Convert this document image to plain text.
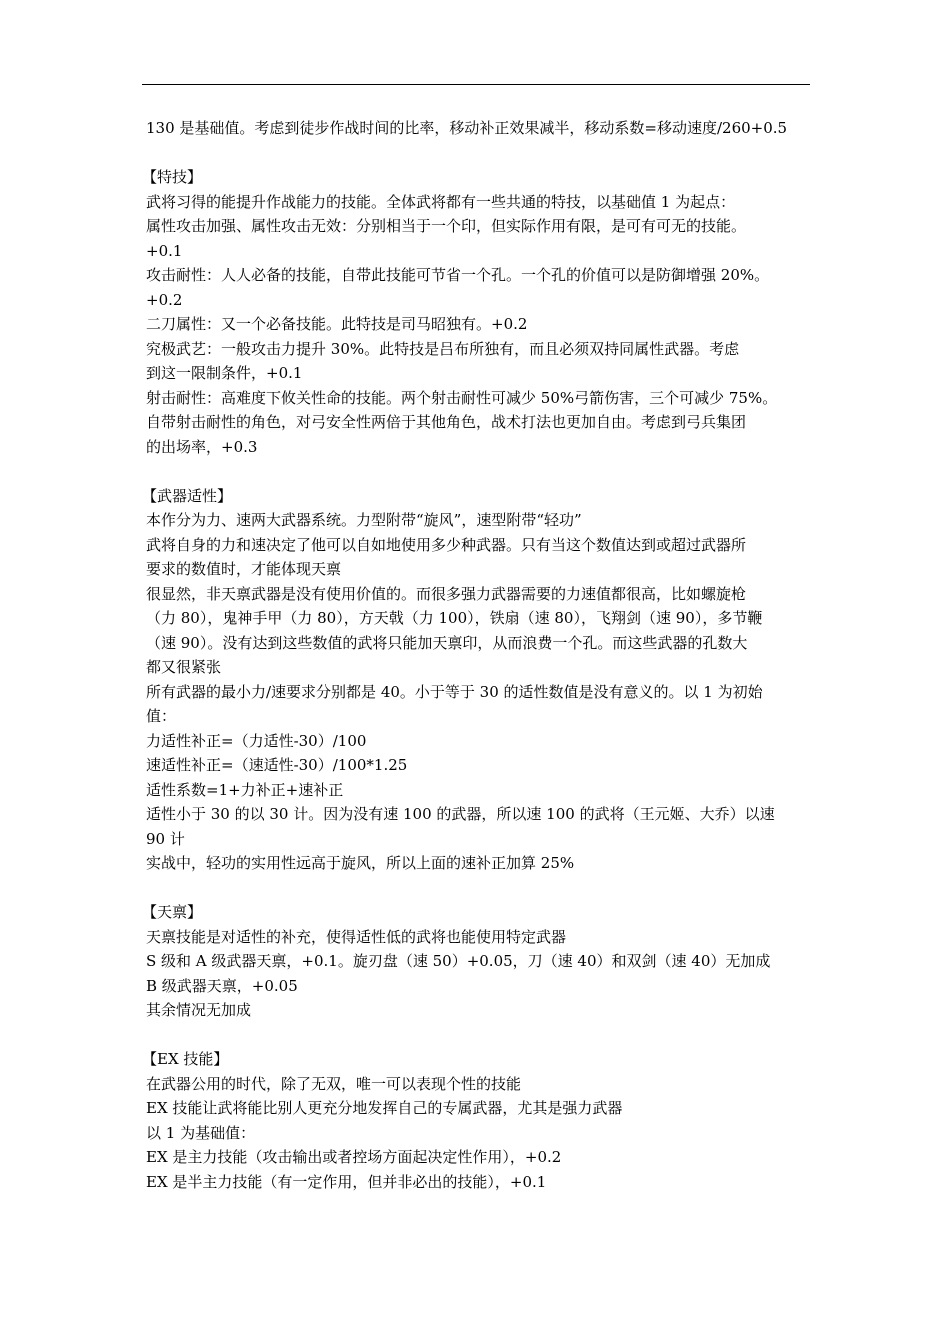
130 是基础值。考虑到徒步作战时间的比率，移动补正效果减半，移动系数=移动速度/260+0.5

【特技】

武将习得的能提升作战能力的技能。全体武将都有一些共通的特技，以基础值 1 为起点：

属性攻击加强、属性攻击无效：分别相当于一个印，但实际作用有限，是可有可无的技能。

+0.1

攻击耐性：人人必备的技能，自带此技能可节省一个孔。一个孔的价值可以是防御增强 20%。

+0.2

二刀属性：又一个必备技能。此特技是司马昭独有。+0.2

究极武艺：一般攻击力提升 30%。此特技是吕布所独有，而且必须双持同属性武器。考虑

到这一限制条件，+0.1

射击耐性：高难度下攸关性命的技能。两个射击耐性可减少 50%弓箭伤害，三个可减少 75%。

自带射击耐性的角色，对弓安全性两倍于其他角色，战术打法也更加自由。考虑到弓兵集团

的出场率，+0.3

【武器适性】

本作分为力、速两大武器系统。力型附带“旋风”，速型附带“轻功”

武将自身的力和速决定了他可以自如地使用多少种武器。只有当这个数值达到或超过武器所

要求的数值时，才能体现天禀

很显然，非天禀武器是没有使用价值的。而很多强力武器需要的力速值都很高，比如螺旋枪

（力 80），鬼神手甲（力 80），方天戟（力 100），铁扇（速 80），飞翔剑（速 90），多节鞭

（速 90）。没有达到这些数值的武将只能加天禀印，从而浪费一个孔。而这些武器的孔数大

都又很紧张

所有武器的最小力/速要求分别都是 40。小于等于 30 的适性数值是没有意义的。以 1 为初始

值：

力适性补正=（力适性-30）/100

速适性补正=（速适性-30）/100*1.25

适性系数=1+力补正+速补正

适性小于 30 的以 30 计。因为没有速 100 的武器，所以速 100 的武将（王元姬、大乔）以速

90 计

实战中，轻功的实用性远高于旋风，所以上面的速补正加算 25%

【天禀】

天禀技能是对适性的补充，使得适性低的武将也能使用特定武器

S 级和 A 级武器天禀，+0.1。旋刃盘（速 50）+0.05，刀（速 40）和双剑（速 40）无加成

B 级武器天禀，+0.05

其余情况无加成

【EX 技能】

在武器公用的时代，除了无双，唯一可以表现个性的技能

EX 技能让武将能比别人更充分地发挥自己的专属武器，尤其是强力武器

以 1 为基础值：

EX 是主力技能（攻击输出或者控场方面起决定性作用），+0.2

EX 是半主力技能（有一定作用，但并非必出的技能），+0.1
